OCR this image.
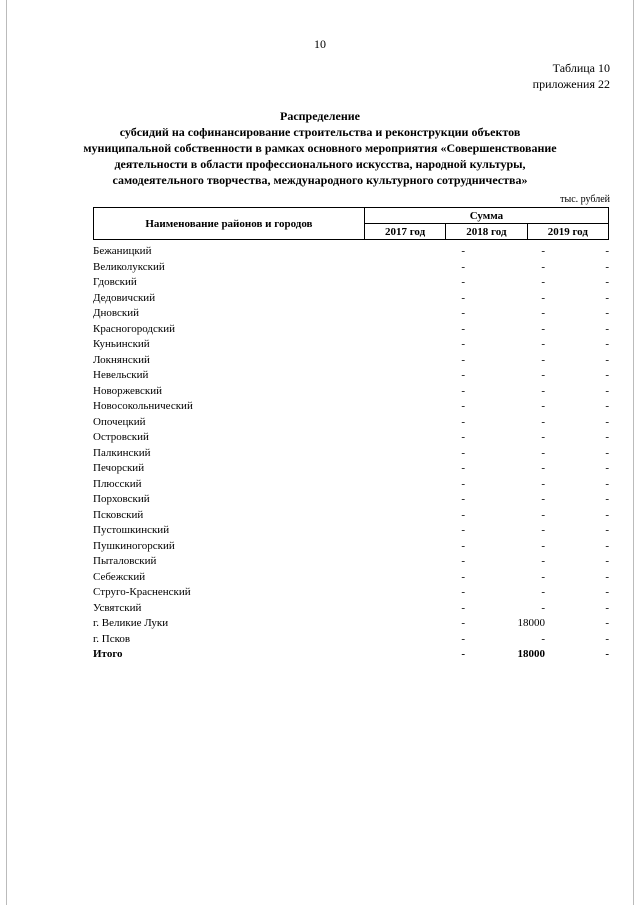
10
Таблица 10
приложения 22
Распределение
субсидий на софинансирование строительства и реконструкции объектов
муниципальной собственности в рамках основного мероприятия «Совершенствование
деятельности в области профессионального искусства, народной культуры,
самодеятельного творчества, международного культурного сотрудничества»
тыс. рублей
Наименование районов и городов	Сумма		
	2017 год	2018 год	2019 год
Бежаницкий	-	-	-
Великолукский	-	-	-
Гдовский	-	-	-
Дедовичский	-	-	-
Дновский	-	-	-
Красногородский	-	-	-
Куньинский	-	-	-
Локнянский	-	-	-
Невельский	-	-	-
Новоржевский	-	-	-
Новосокольнический	-	-	-
Опочецкий	-	-	-
Островский	-	-	-
Палкинский	-	-	-
Печорский	-	-	-
Плюсский	-	-	-
Порховский	-	-	-
Псковский	-	-	-
Пустошкинский	-	-	-
Пушкиногорский	-	-	-
Пыталовский	-	-	-
Себежский	-	-	-
Струго-Красненский	-	-	-
Усвятский	-	-	-
г. Великие Луки	-	18000	-
г. Псков	-	-	-
Итого	-	18000	-
